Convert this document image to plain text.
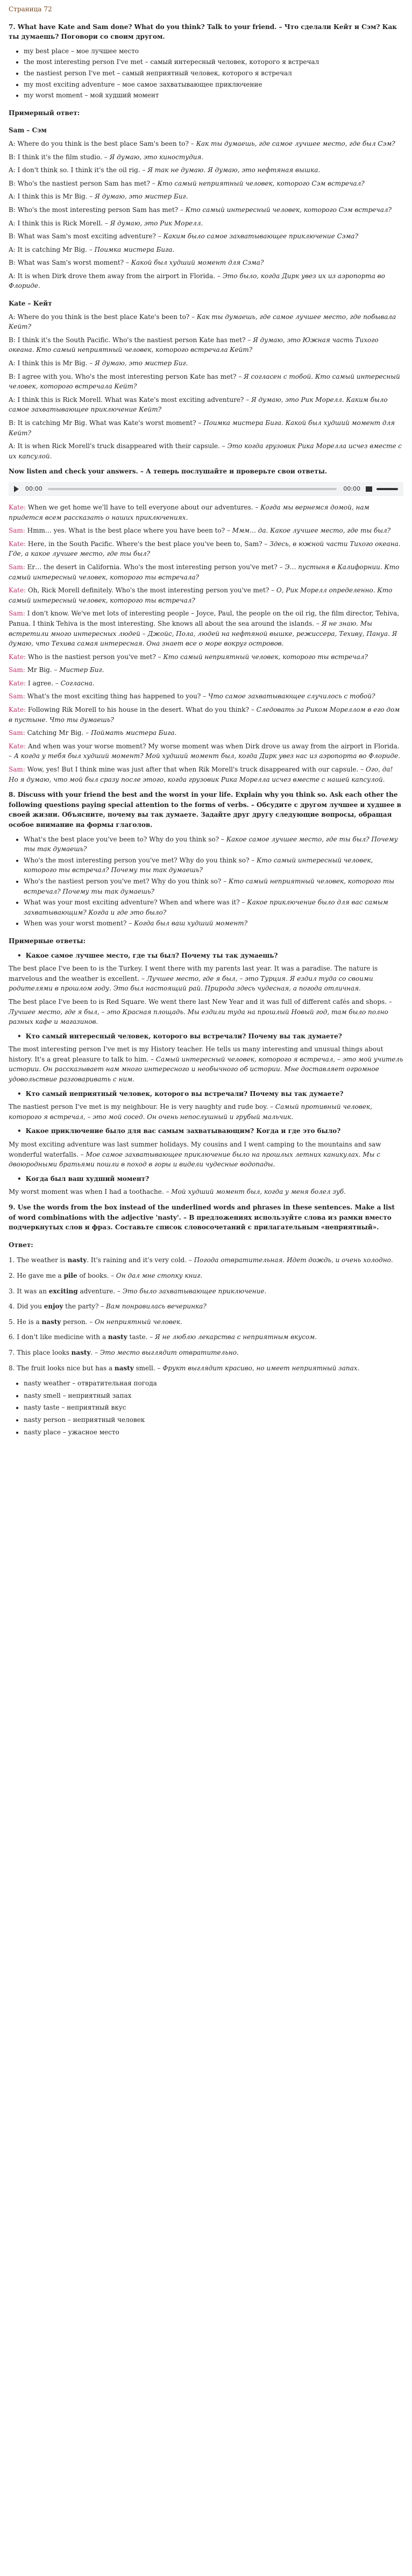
Страница 72
7. What have Kate and Sam done? What do you think? Talk to your friend. – Что сделали Кейт и Сэм? Как ты думаешь? Поговори со своим другом.
• my best place – мое лучшее место
• the most interesting person I've met – самый интересный человек, которого я встречал
• the nastiest person I've met – самый неприятный человек, которого я встречал
• my most exciting adventure – мое самое захватывающее приключение
• my worst moment – мой худший момент
Примерный ответ:
Sam – Сэм

A: Where do you think is the best place Sam's been to? – Как ты думаешь, где самое лучшее место, где был Сэм?

B: I think it's the film studio. – Я думаю, это киностудия.

A: I don't think so. I think it's the oil rig. – Я так не думаю. Я думаю, это нефтяная вышка.

B: Who's the nastiest person Sam has met? – Кто самый неприятный человек, которого Сэм встречал?

A: I think this is Mr Big. – Я думаю, это мистер Биг.

B: Who's the most interesting person Sam has met? – Кто самый интересный человек, которого Сэм встречал?

A: I think this is Rick Morell. – Я думаю, это Рик Морелл.

B: What was Sam's most exciting adventure? – Каким было самое захватывающее приключение Сэма?

A: It is catching Mr Big. – Поимка мистера Бига.

B: What was Sam's worst moment? – Какой был худший момент для Сэма?

A: It is when Dirk drove them away from the airport in Florida. – Это было, когда Дирк увез их из аэропорта во Флориде.

Kate – Кейт

A: Where do you think is the best place Kate's been to? – Как ты думаешь, где самое лучшее место, где побывала Кейт?

B: I think it's the South Pacific. Who's the nastiest person Kate has met? – Я думаю, это Южная часть Тихого океана. Кто самый неприятный человек, которого встречала Кейт?

A: I think this is Mr Big. – Я думаю, это мистер Биг.

B: I agree with you. Who's the most interesting person Kate has met? – Я согласен с тобой. Кто самый интересный человек, которого встречала Кейт?

A: I think this is Rick Morell. What was Kate's most exciting adventure? – Я думаю, это Рик Морелл. Каким было самое захватывающее приключение Кейт?

B: It is catching Mr Big. What was Kate's worst moment? – Поимка мистера Бига. Какой был худший момент для Кейт?

A: It is when Rick Morell's truck disappeared with their capsule. – Это когда грузовик Рика Морелла исчез вместе с их капсулой.

Now listen and check your answers. – А теперь послушайте и проверьте свои ответы.
00:00	00:00

Kate: When we get home we'll have to tell everyone about our adventures. – Когда мы вернемся домой, нам придется всем рассказать о наших приключениях.

Sam: Hmm… yes. What is the best place where you have been to? – Ммм… да. Какое лучшее место, где ты был?

Kate: Here, in the South Pacific. Where's the best place you've been to, Sam? – Здесь, в южной части Тихого океана. Где, а какое лучшее место, где ты был?

Sam: Er… the desert in California. Who's the most interesting person you've met? – Э… пустыня в Калифорнии. Кто самый интересный человек, которого ты встречала?

Kate: Oh, Rick Morell definitely. Who's the most interesting person you've met? – О, Рик Морелл определенно. Кто самый интересный человек, которого ты встречал?

Sam: I don't know. We've met lots of interesting people – Joyce, Paul, the people on the oil rig, the film director, Tehiva, Panua. I think Tehiva is the most interesting. She knows all about the sea around the islands. – Я не знаю. Мы встретили много интересных людей – Джойс, Пола, людей на нефтяной вышке, режиссера, Техиву, Пануа. Я думаю, что Техива самая интересная. Она знает все о море вокруг островов.

Kate: Who is the nastiest person you've met? – Кто самый неприятный человек, которого ты встречал?

Sam: Mr Big. – Мистер Биг.

Kate: I agree. – Согласна.

Sam: What's the most exciting thing has happened to you? – Что самое захватывающее случилось с тобой?

Kate: Following Rik Morell to his house in the desert. What do you think? – Следовать за Риком Мореллом в его дом в пустыне. Что ты думаешь?

Sam: Catching Mr Big. – Поймать мистера Бига.

Kate: And when was your worse moment? My worse moment was when Dirk drove us away from the airport in Florida. – А когда у тебя был худший момент? Мой худший момент был, когда Дирк увез нас из аэропорта во Флориде.

Sam: Wow, yes! But I think mine was just after that when Rik Morell's truck disappeared with our capsule. – Ого, да! Но я думаю, что мой был сразу после этого, когда грузовик Рика Морелла исчез вместе с нашей капсулой.

8. Discuss with your friend the best and the worst in your life. Explain why you think so. Ask each other the following questions paying special attention to the forms of verbs. – Обсудите с другом лучшее и худшее в своей жизни. Объясните, почему вы так думаете. Задайте друг другу следующие вопросы, обращая особое внимание на формы глаголов.
• What's the best place you've been to? Why do you think so? – Какое самое лучшее место, где ты был? Почему ты так думаешь?
• Who's the most interesting person you've met? Why do you think so? – Кто самый интересный человек, которого ты встречал? Почему ты так думаешь?
• Who's the nastiest person you've met? Why do you think so? – Кто самый неприятный человек, которого ты встречал? Почему ты так думаешь?
• What was your most exciting adventure? When and where was it? – Какое приключение было для вас самым захватывающим? Когда и где это было?
• When was your worst moment? – Когда был ваш худший момент?
Примерные ответы:
• Какое самое лучшее место, где ты был? Почему ты так думаешь?

The best place I've been to is the Turkey. I went there with my parents last year. It was a paradise. The nature is marvelous and the weather is excellent. – Лучшее место, где я был, – это Турция. Я ездил туда со своими родителями в прошлом году. Это был настоящий рай. Природа здесь чудесная, а погода отличная.

The best place I've been to is Red Square. We went there last New Year and it was full of different cafés and shops. – Лучшее место, где я был, – это Красная площадь. Мы ездили туда на прошлый Новый год, там было полно разных кафе и магазинов.

• Кто самый интересный человек, которого вы встречали? Почему вы так думаете?

The most interesting person I've met is my History teacher. He tells us many interesting and unusual things about history. It's a great pleasure to talk to him. – Самый интересный человек, которого я встречал, – это мой учитель истории. Он рассказывает нам много интересного и необычного об истории. Мне доставляет огромное удовольствие разговаривать с ним.

• Кто самый неприятный человек, которого вы встречали? Почему вы так думаете?

The nastiest person I've met is my neighbour. He is very naughty and rude boy. – Самый противный человек, которого я встречал, – это мой сосед. Он очень непослушный и грубый мальчик.

• Какое приключение было для вас самым захватывающим? Когда и где это было?

My most exciting adventure was last summer holidays. My cousins and I went camping to the mountains and saw wonderful waterfalls. – Мое самое захватывающее приключение было на прошлых летних каникулах. Мы с двоюродными братьями пошли в поход в горы и видели чудесные водопады.

• Когда был ваш худший момент?

My worst moment was when I had a toothache. – Мой худший момент был, когда у меня болел зуб.

9. Use the words from the box instead of the underlined words and phrases in these sentences. Make a list of word combinations with the adjective 'nasty'. – В предложениях используйте слова из рамки вместо подчеркнутых слов и фраз. Составьте список словосочетаний с прилагательным «неприятный».
Ответ:
1. The weather is nasty. It's raining and it's very cold. – Погода отвратительная. Идет дождь, и очень холодно.
2. He gave me a pile of books. – Он дал мне стопку книг.
3. It was an exciting adventure. – Это было захватывающее приключение.
4. Did you enjoy the party? – Вам понравилась вечеринка?
5. He is a nasty person. – Он неприятный человек.
6. I don't like medicine with a nasty taste. – Я не люблю лекарства с неприятным вкусом.
7. This place looks nasty. – Это место выглядит отвратительно.
8. The fruit looks nice but has a nasty smell. – Фрукт выглядит красиво, но имеет неприятный запах.
• nasty weather – отвратительная погода
• nasty smell – неприятный запах
• nasty taste – неприятный вкус
• nasty person – неприятный человек
• nasty place – ужасное место
